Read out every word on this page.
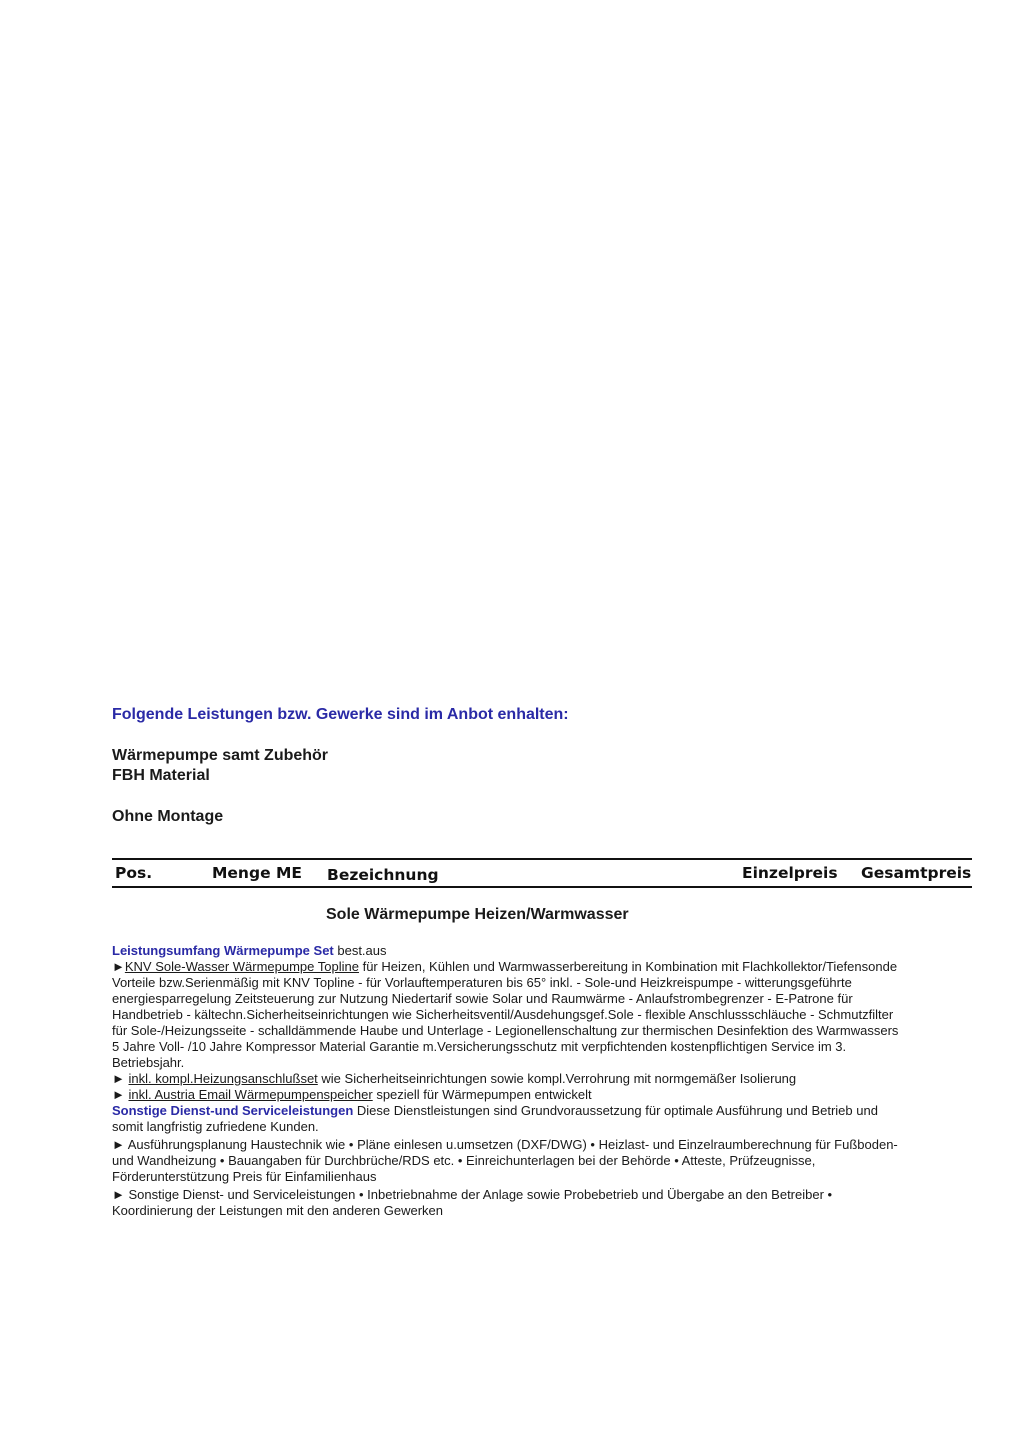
Folgende Leistungen bzw. Gewerke sind im Anbot enhalten:
Wärmepumpe samt Zubehör
FBH Material
Ohne Montage
Pos.	Menge ME Bezeichnung	Einzelpreis Gesamtpreis
Sole Wärmepumpe Heizen/Warmwasser

Leistungsumfang Wärmepumpe Set best.aus

►KNV Sole-Wasser Wärmepumpe Topline für Heizen, Kühlen und Warmwasserbereitung in Kombination mit Flachkollektor/Tiefensonde

Vorteile bzw.Serienmäßig mit KNV Topline - für Vorlauftemperaturen bis 65° inkl. - Sole-und Heizkreispumpe - witterungsgeführte energiesparregelung Zeitsteuerung zur Nutzung Niedertarif sowie Solar und Raumwärme - Anlaufstrombegrenzer - E-Patrone für Handbetrieb - kältechn.Sicherheitseinrichtungen wie Sicherheitsventil/Ausdehungsgef.Sole - flexible Anschlussschläuche - Schmutzfilter für Sole-/Heizungsseite - schalldämmende Haube und Unterlage - Legionellenschaltung zur thermischen Desinfektion des Warmwassers 5 Jahre Voll- /10 Jahre Kompressor Material Garantie m.Versicherungsschutz mit verpfichtenden kostenpflichtigen Service im 3. Betriebsjahr.

► inkl. kompl.Heizungsanschlußset wie Sicherheitseinrichtungen sowie kompl.Verrohrung mit normgemäßer Isolierung

► inkl. Austria Email Wärmepumpenspeicher speziell für Wärmepumpen entwickelt

Sonstige Dienst-und Serviceleistungen Diese Dienstleistungen sind Grundvoraussetzung für optimale Ausführung und Betrieb und somit langfristig zufriedene Kunden.

► Ausführungsplanung Haustechnik wie • Pläne einlesen u.umsetzen (DXF/DWG) • Heizlast- und Einzelraumberechnung für Fußboden-und Wandheizung • Bauangaben für Durchbrüche/RDS etc. • Einreichunterlagen bei der Behörde • Atteste, Prüfzeugnisse, Förderunterstützung Preis für Einfamilienhaus

► Sonstige Dienst- und Serviceleistungen • Inbetriebnahme der Anlage sowie Probebetrieb und Übergabe an den Betreiber • Koordinierung der Leistungen mit den anderen Gewerken
